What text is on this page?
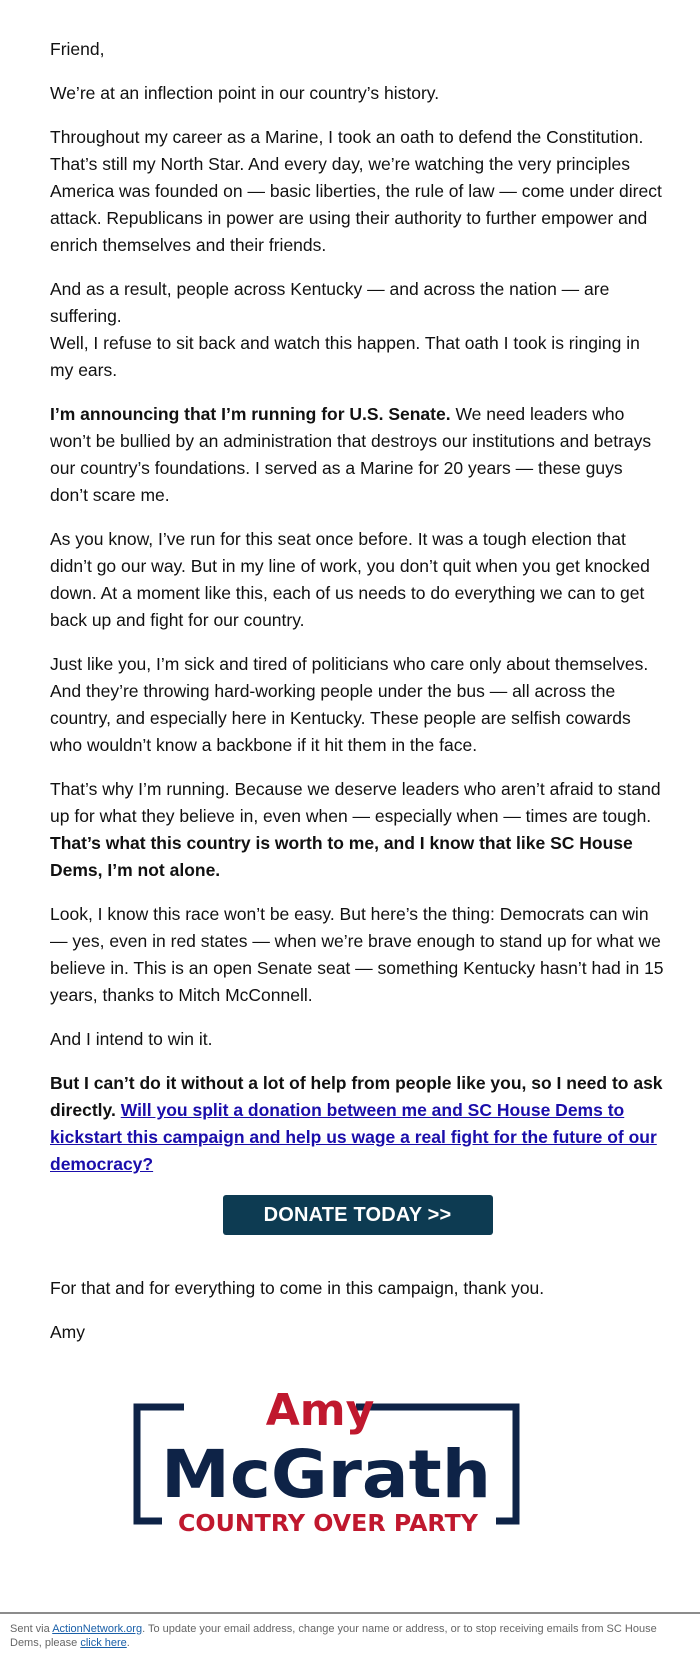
Friend,

We’re at an inflection point in our country’s history.

Throughout my career as a Marine, I took an oath to defend the Constitution. That’s still my North Star. And every day, we’re watching the very principles America was founded on — basic liberties, the rule of law — come under direct attack. Republicans in power are using their authority to further empower and enrich themselves and their friends.

And as a result, people across Kentucky — and across the nation — are suffering.

Well, I refuse to sit back and watch this happen. That oath I took is ringing in my ears.

I’m announcing that I’m running for U.S. Senate. We need leaders who won’t be bullied by an administration that destroys our institutions and betrays our country’s foundations. I served as a Marine for 20 years — these guys don’t scare me.

As you know, I’ve run for this seat once before. It was a tough election that didn’t go our way. But in my line of work, you don’t quit when you get knocked down. At a moment like this, each of us needs to do everything we can to get back up and fight for our country.

Just like you, I’m sick and tired of politicians who care only about themselves. And they’re throwing hard-working people under the bus — all across the country, and especially here in Kentucky. These people are selfish cowards who wouldn’t know a backbone if it hit them in the face.

That’s why I’m running. Because we deserve leaders who aren’t afraid to stand up for what they believe in, even when — especially when — times are tough. That’s what this country is worth to me, and I know that like SC House Dems, I’m not alone.

Look, I know this race won’t be easy. But here’s the thing: Democrats can win — yes, even in red states — when we’re brave enough to stand up for what we believe in. This is an open Senate seat — something Kentucky hasn’t had in 15 years, thanks to Mitch McConnell.

And I intend to win it.

But I can’t do it without a lot of help from people like you, so I need to ask directly. Will you split a donation between me and SC House Dems to kickstart this campaign and help us wage a real fight for the future of our democracy?

DONATE TODAY >>

For that and for everything to come in this campaign, thank you.

Amy

Amy
McGrath
COUNTRY OVER PARTY
Sent via ActionNetwork.org. To update your email address, change your name or address, or to stop receiving emails from SC House Dems, please click here.
